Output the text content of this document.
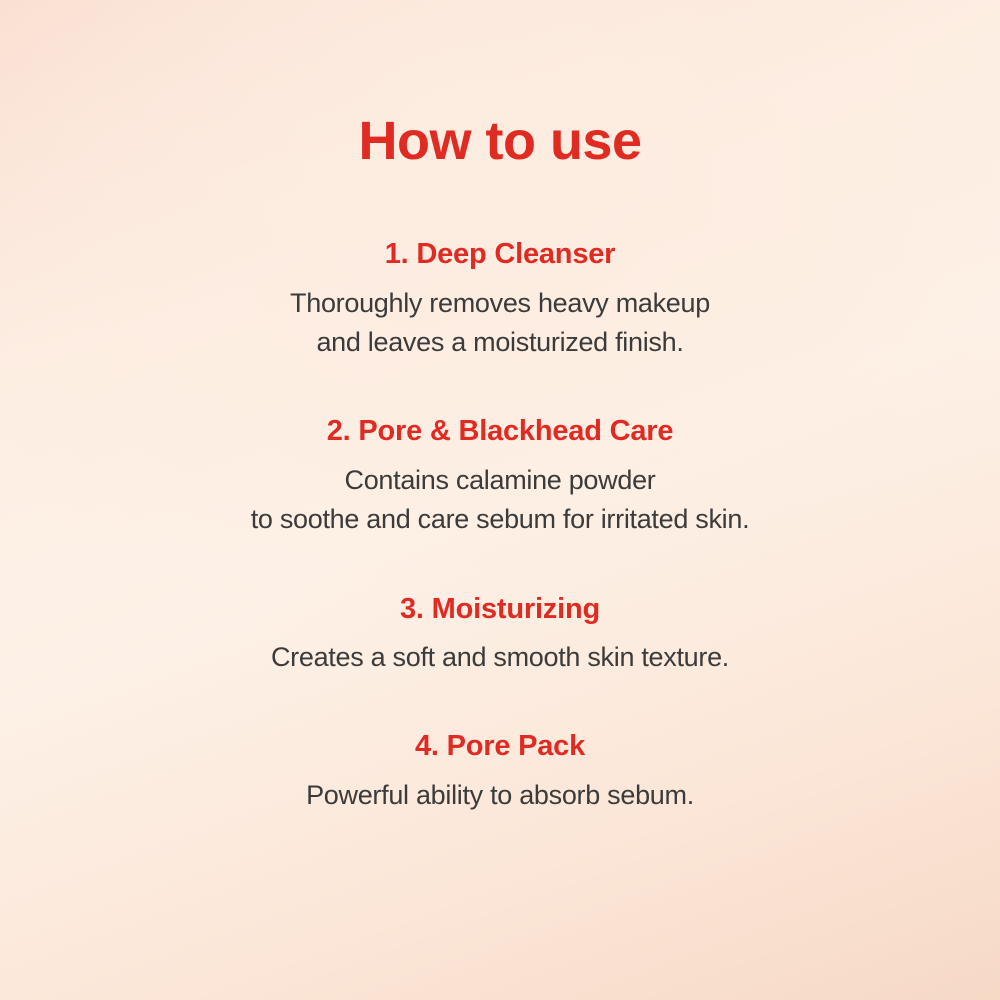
How to use
1. Deep Cleanser

Thoroughly removes heavy makeup
and leaves a moisturized finish.

2. Pore & Blackhead Care

Contains calamine powder
to soothe and care sebum for irritated skin.

3. Moisturizing

Creates a soft and smooth skin texture.

4. Pore Pack

Powerful ability to absorb sebum.
